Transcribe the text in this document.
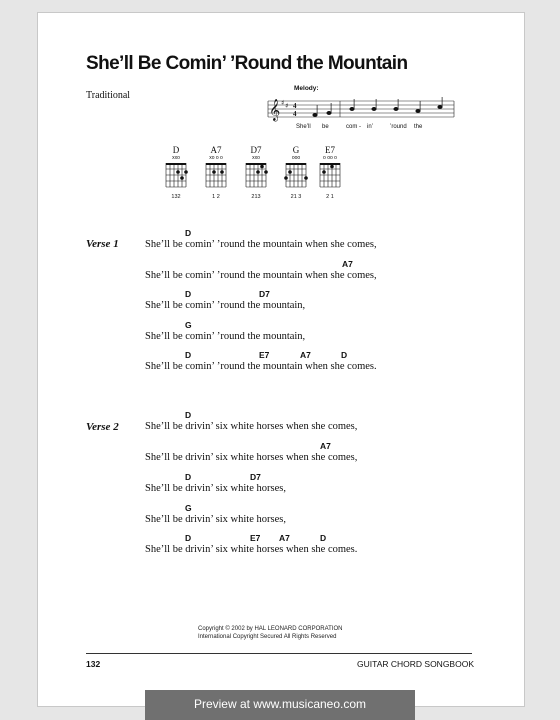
She’ll Be Comin’ ’Round the Mountain
Traditional
Melody:
𝄞 ♯ ♯ 4
4
She’ll be	com - in’	’round the
D
xxo
132
A7
xo o o
1 2
D7
xxo
213
G
ooo
21 3
E7
o oo o
2 1
Verse 1
D
She’ll be comin’ ’round the mountain when she comes,
A7
She’ll be comin’ ’round the mountain when she comes,
D	D7
She’ll be comin’ ’round the mountain,
G
She’ll be comin’ ’round the mountain,
D	E7	A7	D
She’ll be comin’ ’round the mountain when she comes.
Verse 2
D
She’ll be drivin’ six white horses when she comes,
A7
She’ll be drivin’ six white horses when she comes,
D	D7
She’ll be drivin’ six white horses,
G
She’ll be drivin’ six white horses,
D	E7 A7	D
She’ll be drivin’ six white horses when she comes.
Copyright © 2002 by HAL LEONARD CORPORATION
International Copyright Secured All Rights Reserved
132	GUITAR CHORD SONGBOOK
Preview at www.musicaneo.com
